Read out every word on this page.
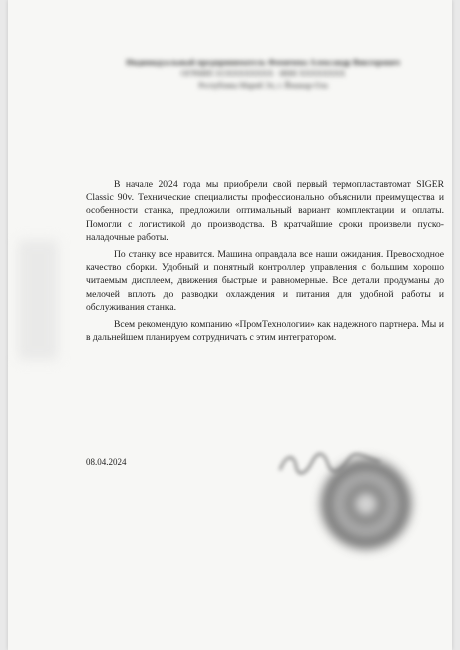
Индивидуальный предприниматель Фомичева Александр Викторович
ОГРНИП 315ХХХХХХХХ · ИНН ХХХХХХХХ
Республика Марий Эл, г. Йошкар-Ола

В начале 2024 года мы приобрели свой первый термопластавтомат SIGER Classic 90v. Технические специалисты профессионально объяснили преимущества и особенности станка, предложили оптимальный вариант комплектации и оплаты. Помогли с логистикой до производства. В кратчайшие сроки произвели пуско-наладочные работы.

По станку все нравится. Машина оправдала все наши ожидания. Превосходное качество сборки. Удобный и понятный контроллер управления с большим хорошо читаемым дисплеем, движения быстрые и равномерные. Все детали продуманы до мелочей вплоть до разводки охлаждения и питания для удобной работы и обслуживания станка.

Всем рекомендую компанию «ПромТехнологии» как надежного партнера. Мы и в дальнейшем планируем сотрудничать с этим интегратором.

08.04.2024
